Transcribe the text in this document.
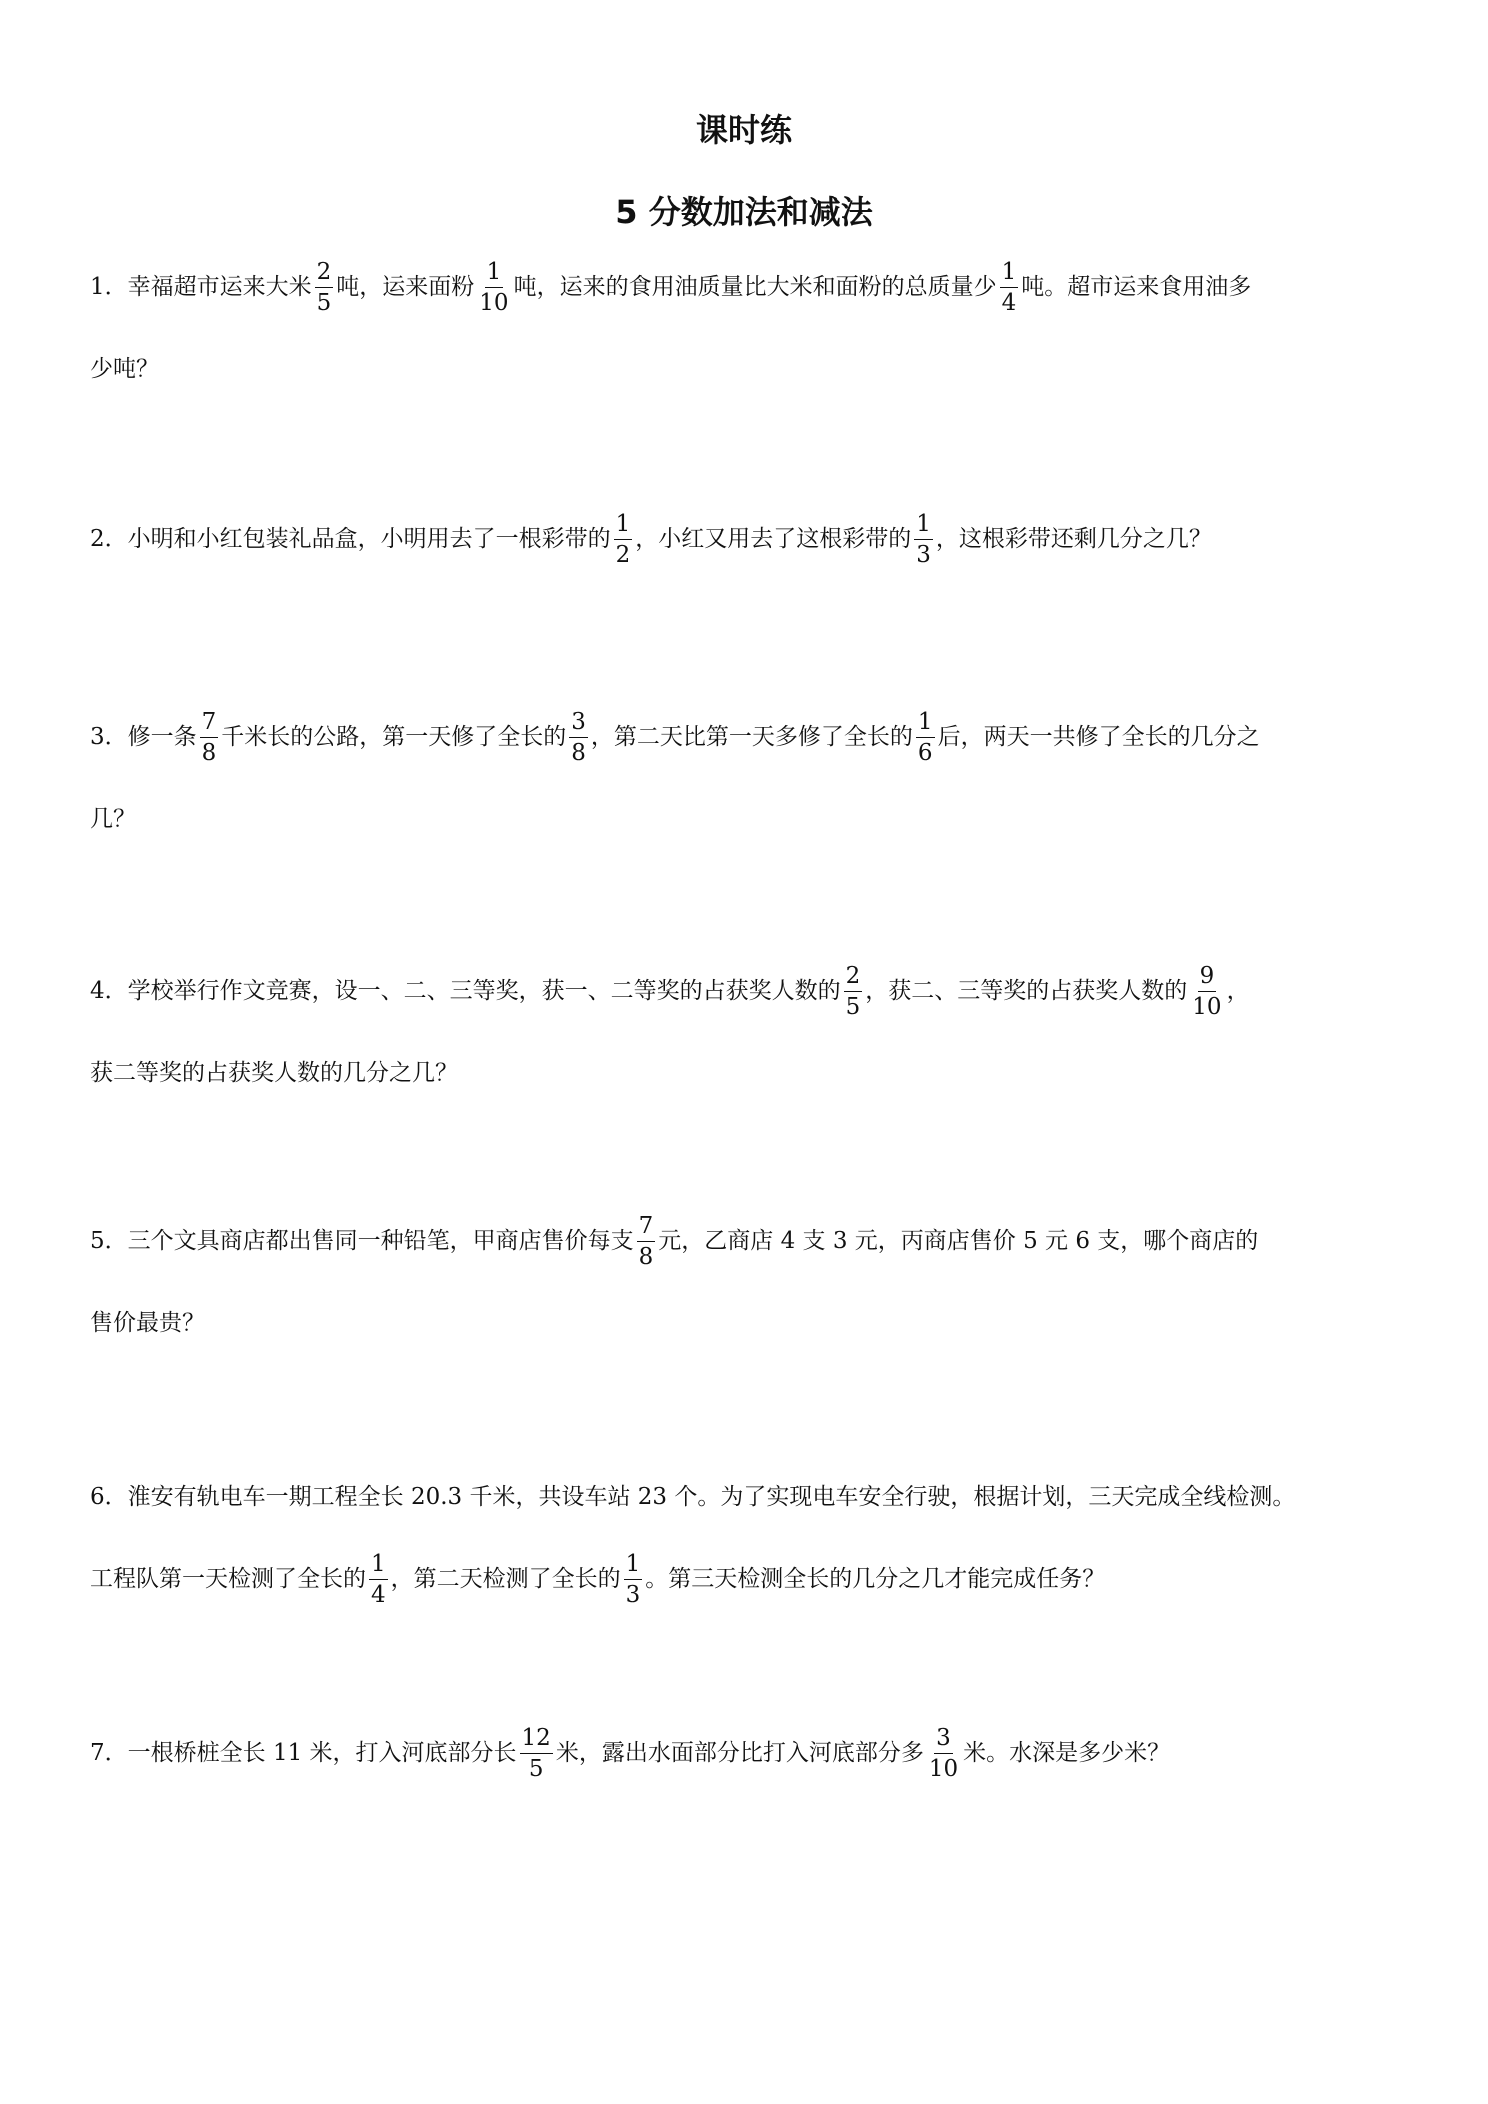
课时练
5 分数加法和减法
1．幸福超市运来大米 $\frac{2}{5}$ 吨，运来面粉 $\frac{1}{10}$ 吨，运来的食用油质量比大米和面粉的总质量少 $\frac{1}{4}$ 吨。超市运来食用油多
少吨？
2．小明和小红包装礼品盒，小明用去了一根彩带的 $\frac{1}{2}$ ，小红又用去了这根彩带的 $\frac{1}{3}$ ，这根彩带还剩几分之几？
3．修一条 $\frac{7}{8}$ 千米长的公路，第一天修了全长的 $\frac{3}{8}$ ，第二天比第一天多修了全长的 $\frac{1}{6}$ 后，两天一共修了全长的几分之
几？
4．学校举行作文竞赛，设一、二、三等奖，获一、二等奖的占获奖人数的 $\frac{2}{5}$ ，获二、三等奖的占获奖人数的 $\frac{9}{10}$ ，
获二等奖的占获奖人数的几分之几？
5．三个文具商店都出售同一种铅笔，甲商店售价每支 $\frac{7}{8}$ 元，乙商店 4 支 3 元，丙商店售价 5 元 6 支，哪个商店的
售价最贵？
6．淮安有轨电车一期工程全长 20.3 千米，共设车站 23 个。为了实现电车安全行驶，根据计划，三天完成全线检测。
工程队第一天检测了全长的 $\frac{1}{4}$ ，第二天检测了全长的 $\frac{1}{3}$ 。第三天检测全长的几分之几才能完成任务？
7．一根桥桩全长 11 米，打入河底部分长 $\frac{12}{5}$ 米，露出水面部分比打入河底部分多 $\frac{3}{10}$ 米。水深是多少米？
